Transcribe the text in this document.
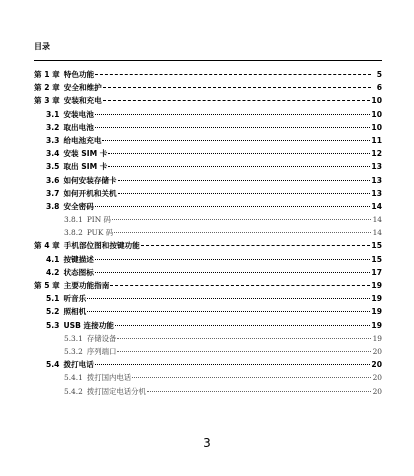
目录
第 1 章 特色功能	5
第 2 章 安全和维护	6
第 3 章 安装和充电	10
3.1 安装电池	10
3.2 取出电池	10
3.3 给电池充电	11
3.4 安装 SIM 卡	12
3.5 取出 SIM 卡	13
3.6 如何安装存储卡	13
3.7 如何开机和关机	13
3.8 安全密码	14
3.8.1 PIN 码	14
3.8.2 PUK 码	14
第 4 章 手机部位图和按键功能	15
4.1 按键描述	15
4.2 状态图标	17
第 5 章 主要功能指南	19
5.1 听音乐	19
5.2 照相机	19
5.3 USB 连接功能	19
5.3.1 存储设备	19
5.3.2 序列端口	20
5.4 拨打电话	20
5.4.1 拨打国内电话	20
5.4.2 拨打固定电话分机	20
3
